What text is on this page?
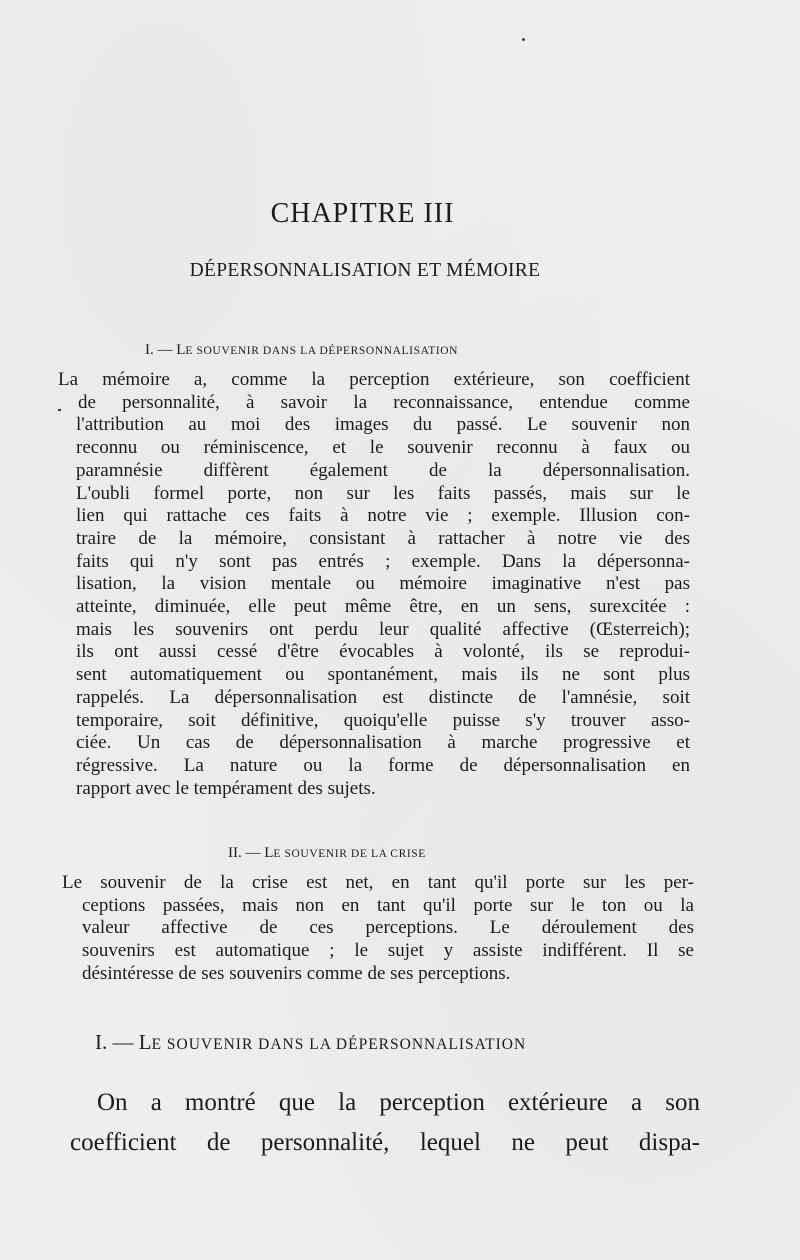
CHAPITRE III
DÉPERSONNALISATION ET MÉMOIRE
I. — LE SOUVENIR DANS LA DÉPERSONNALISATION
La mémoire a, comme la perception extérieure, son coefficient
de personnalité, à savoir la reconnaissance, entendue comme
l'attribution au moi des images du passé. Le souvenir non
reconnu ou réminiscence, et le souvenir reconnu à faux ou
paramnésie diffèrent également de la dépersonnalisation.
L'oubli formel porte, non sur les faits passés, mais sur le
lien qui rattache ces faits à notre vie ; exemple. Illusion con-
traire de la mémoire, consistant à rattacher à notre vie des
faits qui n'y sont pas entrés ; exemple. Dans la dépersonna-
lisation, la vision mentale ou mémoire imaginative n'est pas
atteinte, diminuée, elle peut même être, en un sens, surexcitée :
mais les souvenirs ont perdu leur qualité affective (Œsterreich);
ils ont aussi cessé d'être évocables à volonté, ils se reprodui-
sent automatiquement ou spontanément, mais ils ne sont plus
rappelés. La dépersonnalisation est distincte de l'amnésie, soit
temporaire, soit définitive, quoiqu'elle puisse s'y trouver asso-
ciée. Un cas de dépersonnalisation à marche progressive et
régressive. La nature ou la forme de dépersonnalisation en
rapport avec le tempérament des sujets.
II. — LE SOUVENIR DE LA CRISE
Le souvenir de la crise est net, en tant qu'il porte sur les per-
ceptions passées, mais non en tant qu'il porte sur le ton ou la
valeur affective de ces perceptions. Le déroulement des
souvenirs est automatique ; le sujet y assiste indifférent. Il se
désintéresse de ses souvenirs comme de ses perceptions.
I. — LE SOUVENIR DANS LA DÉPERSONNALISATION
On a montré que la perception extérieure a son
coefficient de personnalité, lequel ne peut dispa-
